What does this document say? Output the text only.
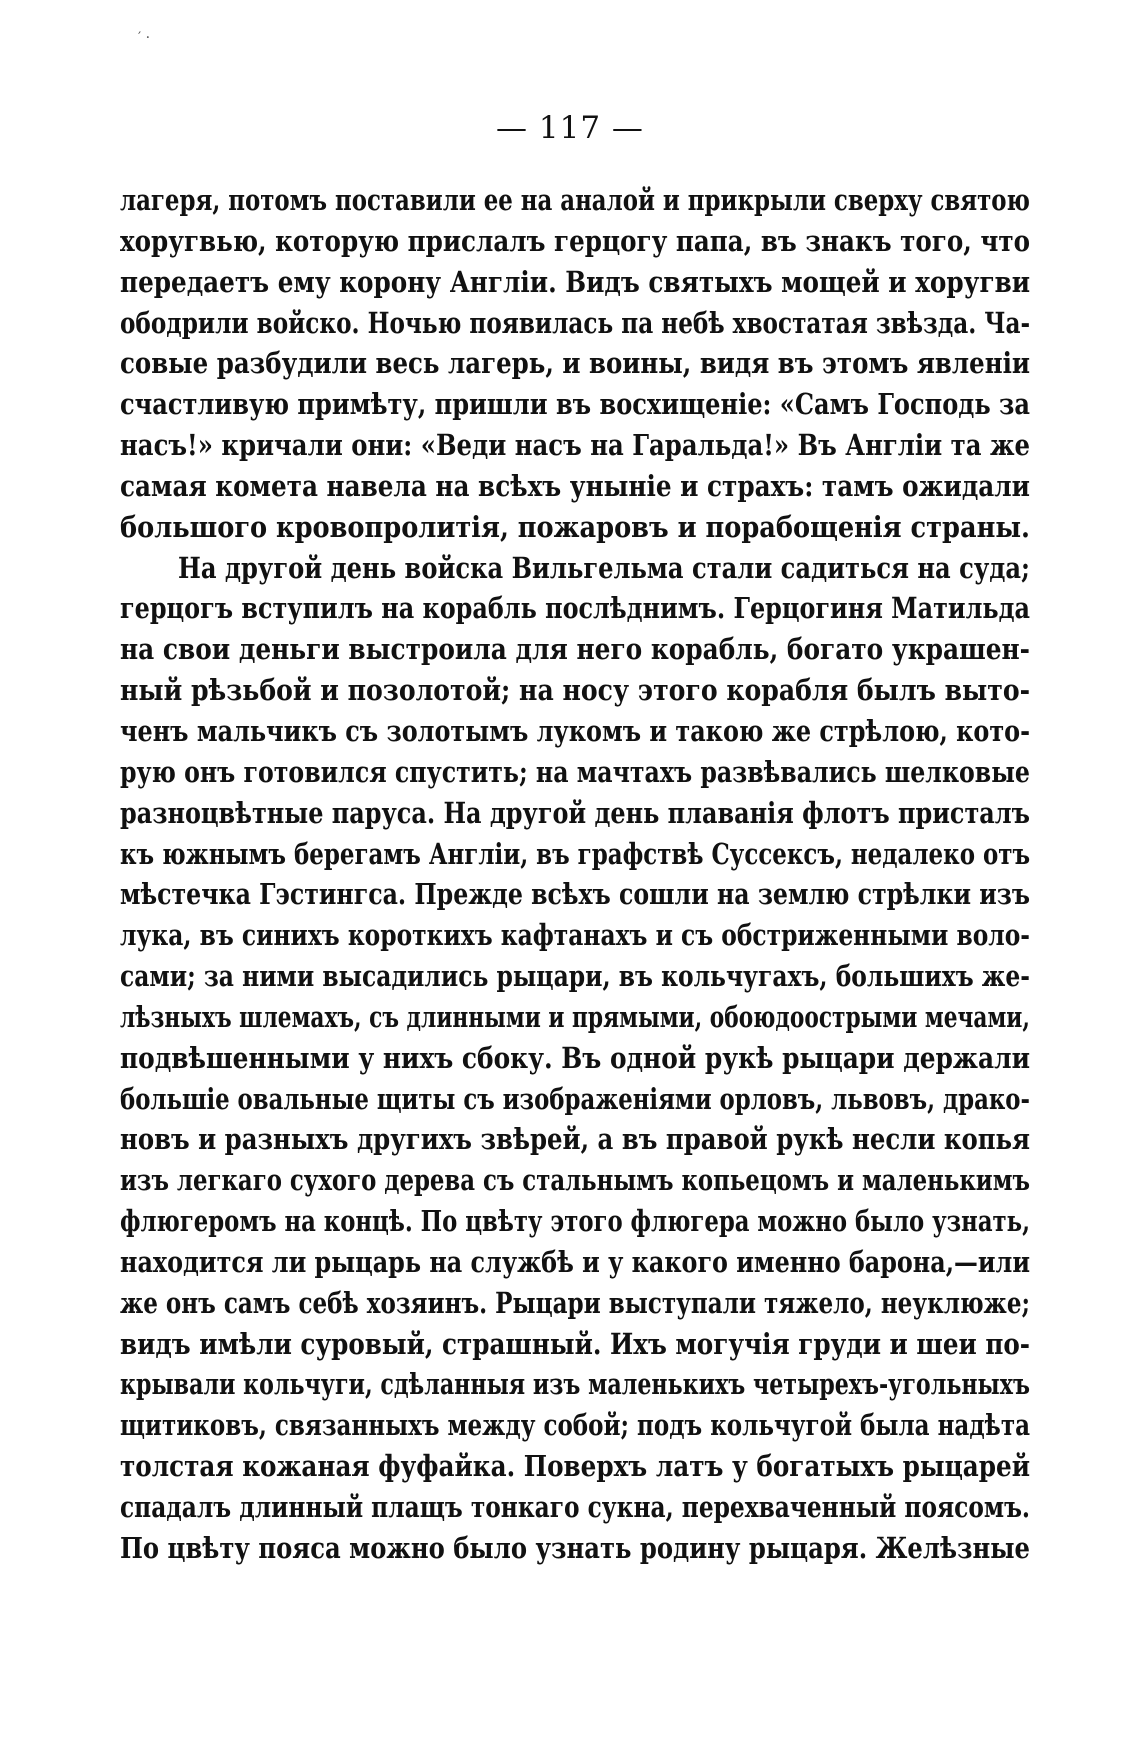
′ ·
— 117 —
лагеря, потомъ поставили ее на аналой и прикрыли сверху святою
хоругвью, которую прислалъ герцогу папа, въ знакъ того, что
передаетъ ему корону Англіи. Видъ святыхъ мощей и хоругви
ободрили войско. Ночью появилась па небѣ хвостатая звѣзда. Ча-
совые разбудили весь лагерь, и воины, видя въ этомъ явленіи
счастливую примѣту, пришли въ восхищеніе: «Самъ Господь за
насъ!» кричали они: «Веди насъ на Гаральда!» Въ Англіи та же
самая комета навела на всѣхъ уныніе и страхъ: тамъ ожидали
большого кровопролитія, пожаровъ и порабощенія страны.
На другой день войска Вильгельма стали садиться на суда;
герцогъ вступилъ на корабль послѣднимъ. Герцогиня Матильда
на свои деньги выстроила для него корабль, богато украшен-
ный рѣзьбой и позолотой; на носу этого корабля былъ выто-
ченъ мальчикъ съ золотымъ лукомъ и такою же стрѣлою, кото-
рую онъ готовился спустить; на мачтахъ развѣвались шелковые
разноцвѣтные паруса. На другой день плаванія флотъ присталъ
къ южнымъ берегамъ Англіи, въ графствѣ Суссексъ, недалеко отъ
мѣстечка Гэстингса. Прежде всѣхъ сошли на землю стрѣлки изъ
лука, въ синихъ короткихъ кафтанахъ и съ обстриженными воло-
сами; за ними высадились рыцари, въ кольчугахъ, большихъ же-
лѣзныхъ шлемахъ, съ длинными и прямыми, обоюдоострыми мечами,
подвѣшенными у нихъ сбоку. Въ одной рукѣ рыцари держали
большіе овальные щиты съ изображеніями орловъ, львовъ, драко-
новъ и разныхъ другихъ звѣрей, а въ правой рукѣ несли копья
изъ легкаго сухого дерева съ стальнымъ копьецомъ и маленькимъ
флюгеромъ на концѣ. По цвѣту этого флюгера можно было узнать,
находится ли рыцарь на службѣ и у какого именно барона,—или
же онъ самъ себѣ хозяинъ. Рыцари выступали тяжело, неуклюже;
видъ имѣли суровый, страшный. Ихъ могучія груди и шеи по-
крывали кольчуги, сдѣланныя изъ маленькихъ четырехъ-угольныхъ
щитиковъ, связанныхъ между собой; подъ кольчугой была надѣта
толстая кожаная фуфайка. Поверхъ латъ у богатыхъ рыцарей
спадалъ длинный плащъ тонкаго сукна, перехваченный поясомъ.
По цвѣту пояса можно было узнать родину рыцаря. Желѣзные
